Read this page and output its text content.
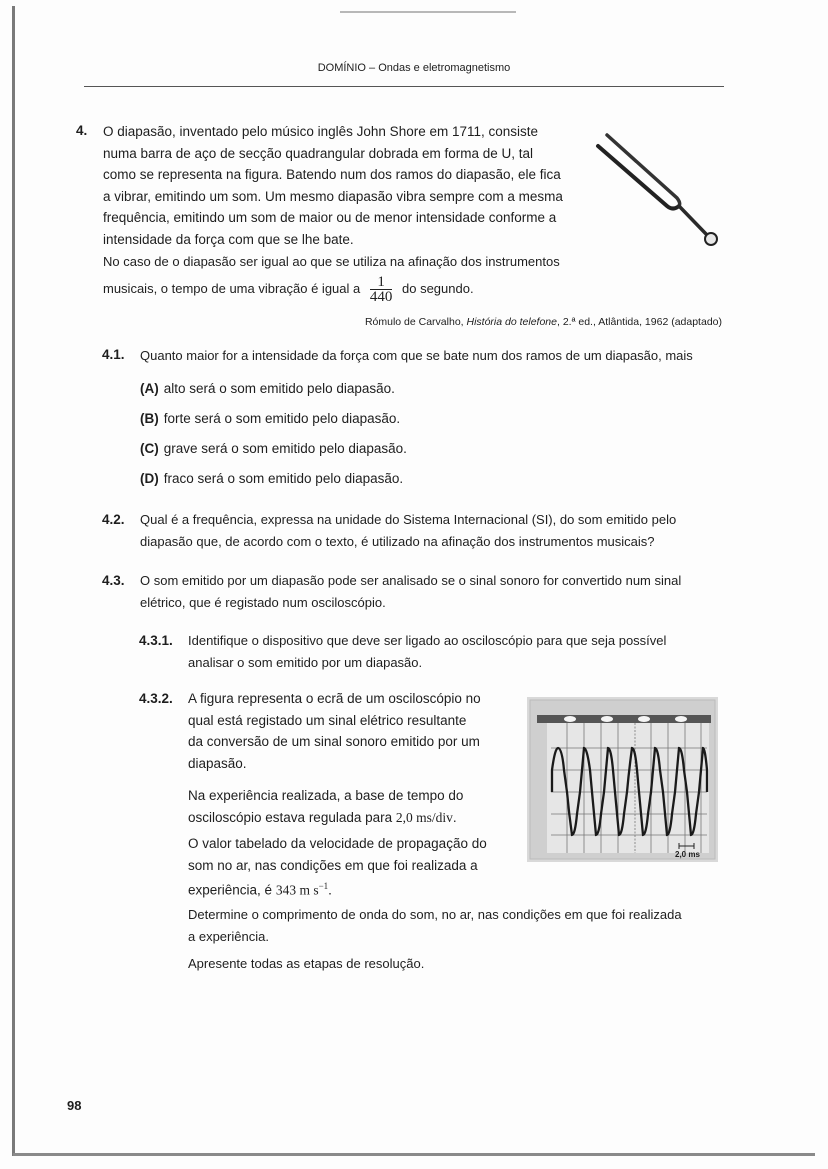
DOMÍNIO – Ondas e eletromagnetismo
4. O diapasão, inventado pelo músico inglês John Shore em 1711, consiste
numa barra de aço de secção quadrangular dobrada em forma de U, tal
como se representa na figura. Batendo num dos ramos do diapasão, ele fica
a vibrar, emitindo um som. Um mesmo diapasão vibra sempre com a mesma
frequência, emitindo um som de maior ou de menor intensidade conforme a
intensidade da força com que se lhe bate.
No caso de o diapasão ser igual ao que se utiliza na afinação dos instrumentos
musicais, o tempo de uma vibração é igual a $\frac{1}{440}$ do segundo.
Rómulo de Carvalho, História do telefone, 2.ª ed., Atlântida, 1962 (adaptado)
4.1. Quanto maior for a intensidade da força com que se bate num dos ramos de um diapasão, mais
(A) alto será o som emitido pelo diapasão.
(B) forte será o som emitido pelo diapasão.
(C) grave será o som emitido pelo diapasão.
(D) fraco será o som emitido pelo diapasão.
4.2. Qual é a frequência, expressa na unidade do Sistema Internacional (SI), do som emitido pelo
diapasão que, de acordo com o texto, é utilizado na afinação dos instrumentos musicais?
4.3. O som emitido por um diapasão pode ser analisado se o sinal sonoro for convertido num sinal
elétrico, que é registado num osciloscópio.
4.3.1. Identifique o dispositivo que deve ser ligado ao osciloscópio para que seja possível
analisar o som emitido por um diapasão.
4.3.2. A figura representa o ecrã de um osciloscópio no
qual está registado um sinal elétrico resultante
da conversão de um sinal sonoro emitido por um
diapasão.
Na experiência realizada, a base de tempo do
osciloscópio estava regulada para 2,0 ms/div.
O valor tabelado da velocidade de propagação do
som no ar, nas condições em que foi realizada a
experiência, é 343 m $s^{-1}$.
Determine o comprimento de onda do som, no ar, nas condições em que foi realizada
a experiência.
Apresente todas as etapas de resolução.
2,0 ms
98
